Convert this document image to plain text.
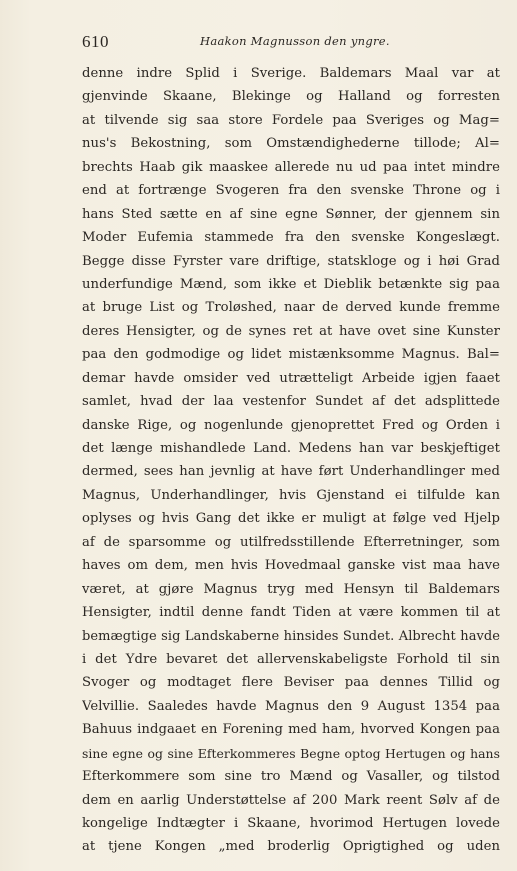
610	Haakon Magnusson den yngre.
denne indre Splid i Sverige. Baldemars Maal var at
gjenvinde Skaane, Blekinge og Halland og forresten
at tilvende sig saa store Fordele paa Sveriges og Mag=
nus's Bekostning, som Omstændighederne tillode; Al=
brechts Haab gik maaskee allerede nu ud paa intet mindre
end at fortrænge Svogeren fra den svenske Throne og i
hans Sted sætte en af sine egne Sønner, der gjennem sin
Moder Eufemia stammede fra den svenske Kongeslægt.
Begge disse Fyrster vare driftige, statskloge og i høi Grad
underfundige Mænd, som ikke et Dieblik betænkte sig paa
at bruge List og Troløshed, naar de derved kunde fremme
deres Hensigter, og de synes ret at have ovet sine Kunster
paa den godmodige og lidet mistænksomme Magnus. Bal=
demar havde omsider ved utrætteligt Arbeide igjen faaet
samlet, hvad der laa vestenfor Sundet af det adsplittede
danske Rige, og nogenlunde gjenoprettet Fred og Orden i
det længe mishandlede Land. Medens han var beskjeftiget
dermed, sees han jevnlig at have ført Underhandlinger med
Magnus, Underhandlinger, hvis Gjenstand ei tilfulde kan
oplyses og hvis Gang det ikke er muligt at følge ved Hjelp
af de sparsomme og utilfredsstillende Efterretninger, som
haves om dem, men hvis Hovedmaal ganske vist maa have
været, at gjøre Magnus tryg med Hensyn til Baldemars
Hensigter, indtil denne fandt Tiden at være kommen til at
bemægtige sig Landskaberne hinsides Sundet. Albrecht havde
i det Ydre bevaret det allervenskabeligste Forhold til sin
Svoger og modtaget flere Beviser paa dennes Tillid og
Velvillie. Saaledes havde Magnus den 9 August 1354 paa
Bahuus indgaaet en Forening med ham, hvorved Kongen paa
sine egne og sine Efterkommeres Begne optog Hertugen og hans
Efterkommere som sine tro Mænd og Vasaller, og tilstod
dem en aarlig Understøttelse af 200 Mark reent Sølv af de
kongelige Indtægter i Skaane, hvorimod Hertugen lovede
at tjene Kongen „med broderlig Oprigtighed og uden
